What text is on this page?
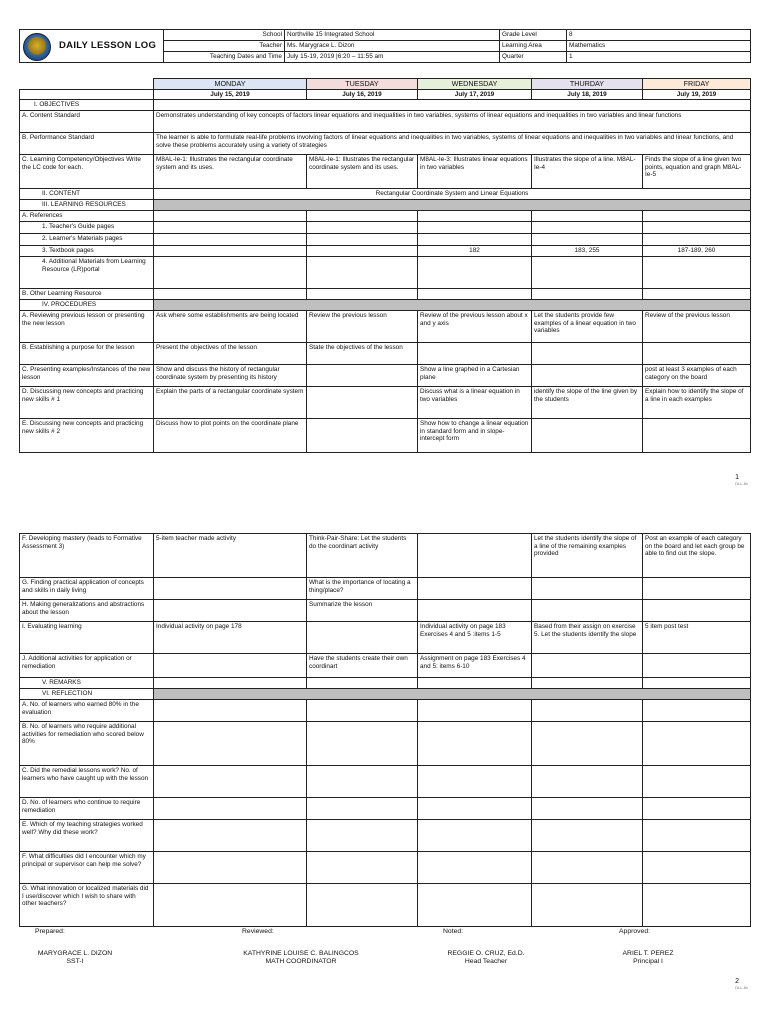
DAILY LESSON LOG	School	Northville 15 Integrated School	Grade Level	8
	Teacher	Ms. Marygrace L. Dizon	Learning Area	Mathematics
	Teaching Dates and Time	July 15-19, 2019 |6:20 – 11:55 am	Quarter	1
	MONDAY	TUESDAY	WEDNESDAY	THURDAY	FRIDAY
	July 15, 2019	July 16, 2019	July 17, 2019	July 18, 2019	July 19, 2019
I. OBJECTIVES					
A. Content Standard	Demonstrates understanding of key concepts of factors linear equations and inequalities in two variables, systems of linear equations and inequalities in two variables and linear functions				
B. Performance Standard	The learner is able to formulate real-life problems involving factors of linear equations and inequalities in two variables, systems of linear equations and inequalities in two variables and linear functions, and solve these problems accurately using a variety of strategies				
C. Learning Competency/Objectives Write the LC code for each.	M8AL-Ie-1: Illustrates the rectangular coordinate system and its uses.	M8AL-Ie-1: Illustrates the rectangular coordinate system and its uses.	M8AL-Ie-3: Illustrates linear equations in two variables	Illustrates the slope of a line. M8AL-Ie-4	Finds the slope of a line given two points, equation and graph M8AL-Ie-5
II. CONTENT	Rectangular Coordinate System and Linear Equations				
III. LEARNING RESOURCES					
A. References					
1. Teacher's Guide pages					
2. Learner's Materials pages					
3. Textbook pages			182	183, 255	187-189, 260
4. Additional Materials from Learning Resource (LR)portal					
B. Other Learning Resource					
IV. PROCEDURES					
A. Reviewing previous lesson or presenting the new lesson	Ask where some establishments are being located	Review the previous lesson	Review of the previous lesson about x and y axis	Let the students provide few examples of a linear equation in two variables	Review of the previous lesson
B. Establishing a purpose for the lesson	Present the objectives of the lesson	State the objectives of the lesson			
C. Presenting examples/Instances of the new lesson	Show and discuss the history of rectangular coordinate system by presenting its history		Show a line graphed in a Cartesian plane		post at least 3 examples of each category on the board
D. Discussing new concepts and practicing new skills # 1	Explain the parts of a rectangular coordinate system		Discuss what is a linear equation in two variables	identify the slope of the line given by the students	Explain how to identify the slope of a line in each examples
E. Discussing new concepts and practicing new skills # 2	Discuss how to plot points on the coordinate plane		Show how to change a linear equation in standard form and in slope-intercept form		
1
DLL-8v
F. Developing mastery (leads to Formative Assessment 3)	5-item teacher made activity	Think-Pair-Share: Let the students do the coordinart activity		Let the students identify the slope of a line of the remaining examples provided	Post an example of each category on the board and let each group be able to find out the slope.
G. Finding practical application of concepts and skills in daily living		What is the importance of locating a thing/place?			
H. Making generalizations and abstractions about the lesson		Summarize the lesson			
I. Evaluating learning	Individual activity on page 178		Individual activity on page 183 Exercises 4 and 5 :items 1-5	Based from their assign on exercise 5. Let the students identify the slope	5 item post test
J. Additional activities for application or remediation		Have the students create their own coordinart	Assignment on page 183 Exercises 4 and 5: items 6-10		
V. REMARKS					
VI. REFLECTION					
A. No. of learners who earned 80% in the evaluation					
B. No. of learners who require additional activities for remediation who scored below 80%					
C. Did the remedial lessons work? No. of learners who have caught up with the lesson					
D. No. of learners who continue to require remediation					
E. Which of my teaching strategies worked well? Why did these work?					
F. What difficulties did I encounter which my principal or supervisor can help me solve?					
G. What innovation or localized materials did I use/discover which I wish to share with other teachers?					
Prepared:	Reviewed:	Noted:	Approved:
MARYGRACE L. DIZON
SST-I
KATHYRINE LOUISE C. BALINGCOS
MATH COORDINATOR
REGGIE O. CRUZ, Ed.D.
Head Teacher
ARIEL T. PEREZ
Principal I
2
DLL-8v
